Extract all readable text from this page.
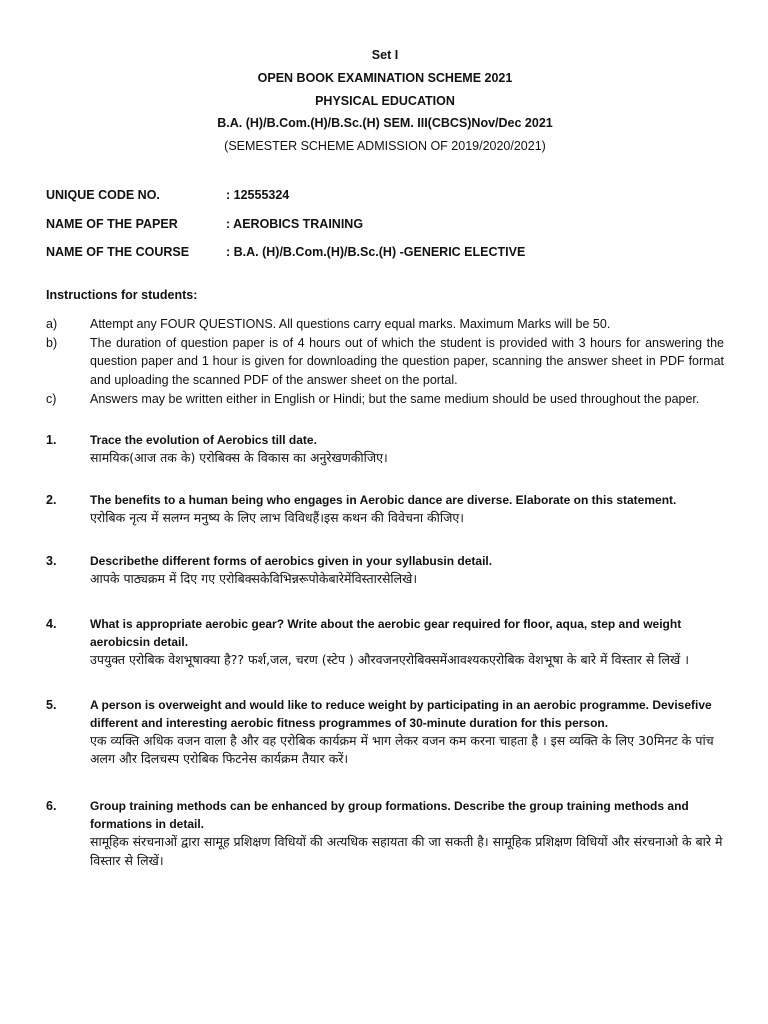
Set I
OPEN BOOK EXAMINATION SCHEME 2021
PHYSICAL EDUCATION
B.A. (H)/B.Com.(H)/B.Sc.(H) SEM. III(CBCS)Nov/Dec 2021
(SEMESTER SCHEME ADMISSION OF 2019/2020/2021)
UNIQUE CODE NO.	: 12555324
NAME OF THE PAPER	: AEROBICS TRAINING
NAME OF THE COURSE	: B.A. (H)/B.Com.(H)/B.Sc.(H) -GENERIC ELECTIVE
Instructions for students:
a)	Attempt any FOUR QUESTIONS. All questions carry equal marks. Maximum Marks will be 50.
b)	The duration of question paper is of 4 hours out of which the student is provided with 3 hours for answering the question paper and 1 hour is given for downloading the question paper, scanning the answer sheet in PDF format and uploading the scanned PDF of the answer sheet on the portal.
c)	Answers may be written either in English or Hindi; but the same medium should be used throughout the paper.
1.	Trace the evolution of Aerobics till date.
सामयिक(आज तक के) एरोबिक्स के विकास का अनुरेखणकीजिए।
2.	The benefits to a human being who engages in Aerobic dance are diverse. Elaborate on this statement.
एरोबिक नृत्य में सलग्न मनुष्य के लिए लाभ विविधहैं।इस कथन की विवेचना कीजिए।
3.	Describethe different forms of aerobics given in your syllabusin detail.
आपके पाठ्यक्रम में दिए गए एरोबिक्सकेविभिन्नरूपोकेबारेमेंविस्तारसेलिखे।
4.	What is appropriate aerobic gear? Write about the aerobic gear required for floor, aqua, step and weight aerobicsin detail.
उपयुक्त एरोबिक वेशभूषाक्या है?? फर्श,जल, चरण (स्टेप ) औरवजनएरोबिक्समेंआवश्यकएरोबिक वेशभूषा के बारे में विस्तार से लिखें ।
5.	A person is overweight and would like to reduce weight by participating in an aerobic programme. Devisefive different and interesting aerobic fitness programmes of 30-minute duration for this person.
एक व्यक्ति अधिक वजन वाला है और वह एरोबिक कार्यक्रम में भाग लेकर वजन कम करना चाहता है । इस व्यक्ति के लिए 30मिनट के पांच अलग और दिलचस्प एरोबिक फिटनेस कार्यक्रम तैयार करें।
6.	Group training methods can be enhanced by group formations. Describe the group training methods and formations in detail.
सामूहिक संरचनाओं द्वारा सामूह प्रशिक्षण विधियों की अत्यधिक सहायता की जा सकती है। सामूहिक प्रशिक्षण विधियों और संरचनाओ के बारे मे विस्तार से लिखें।
